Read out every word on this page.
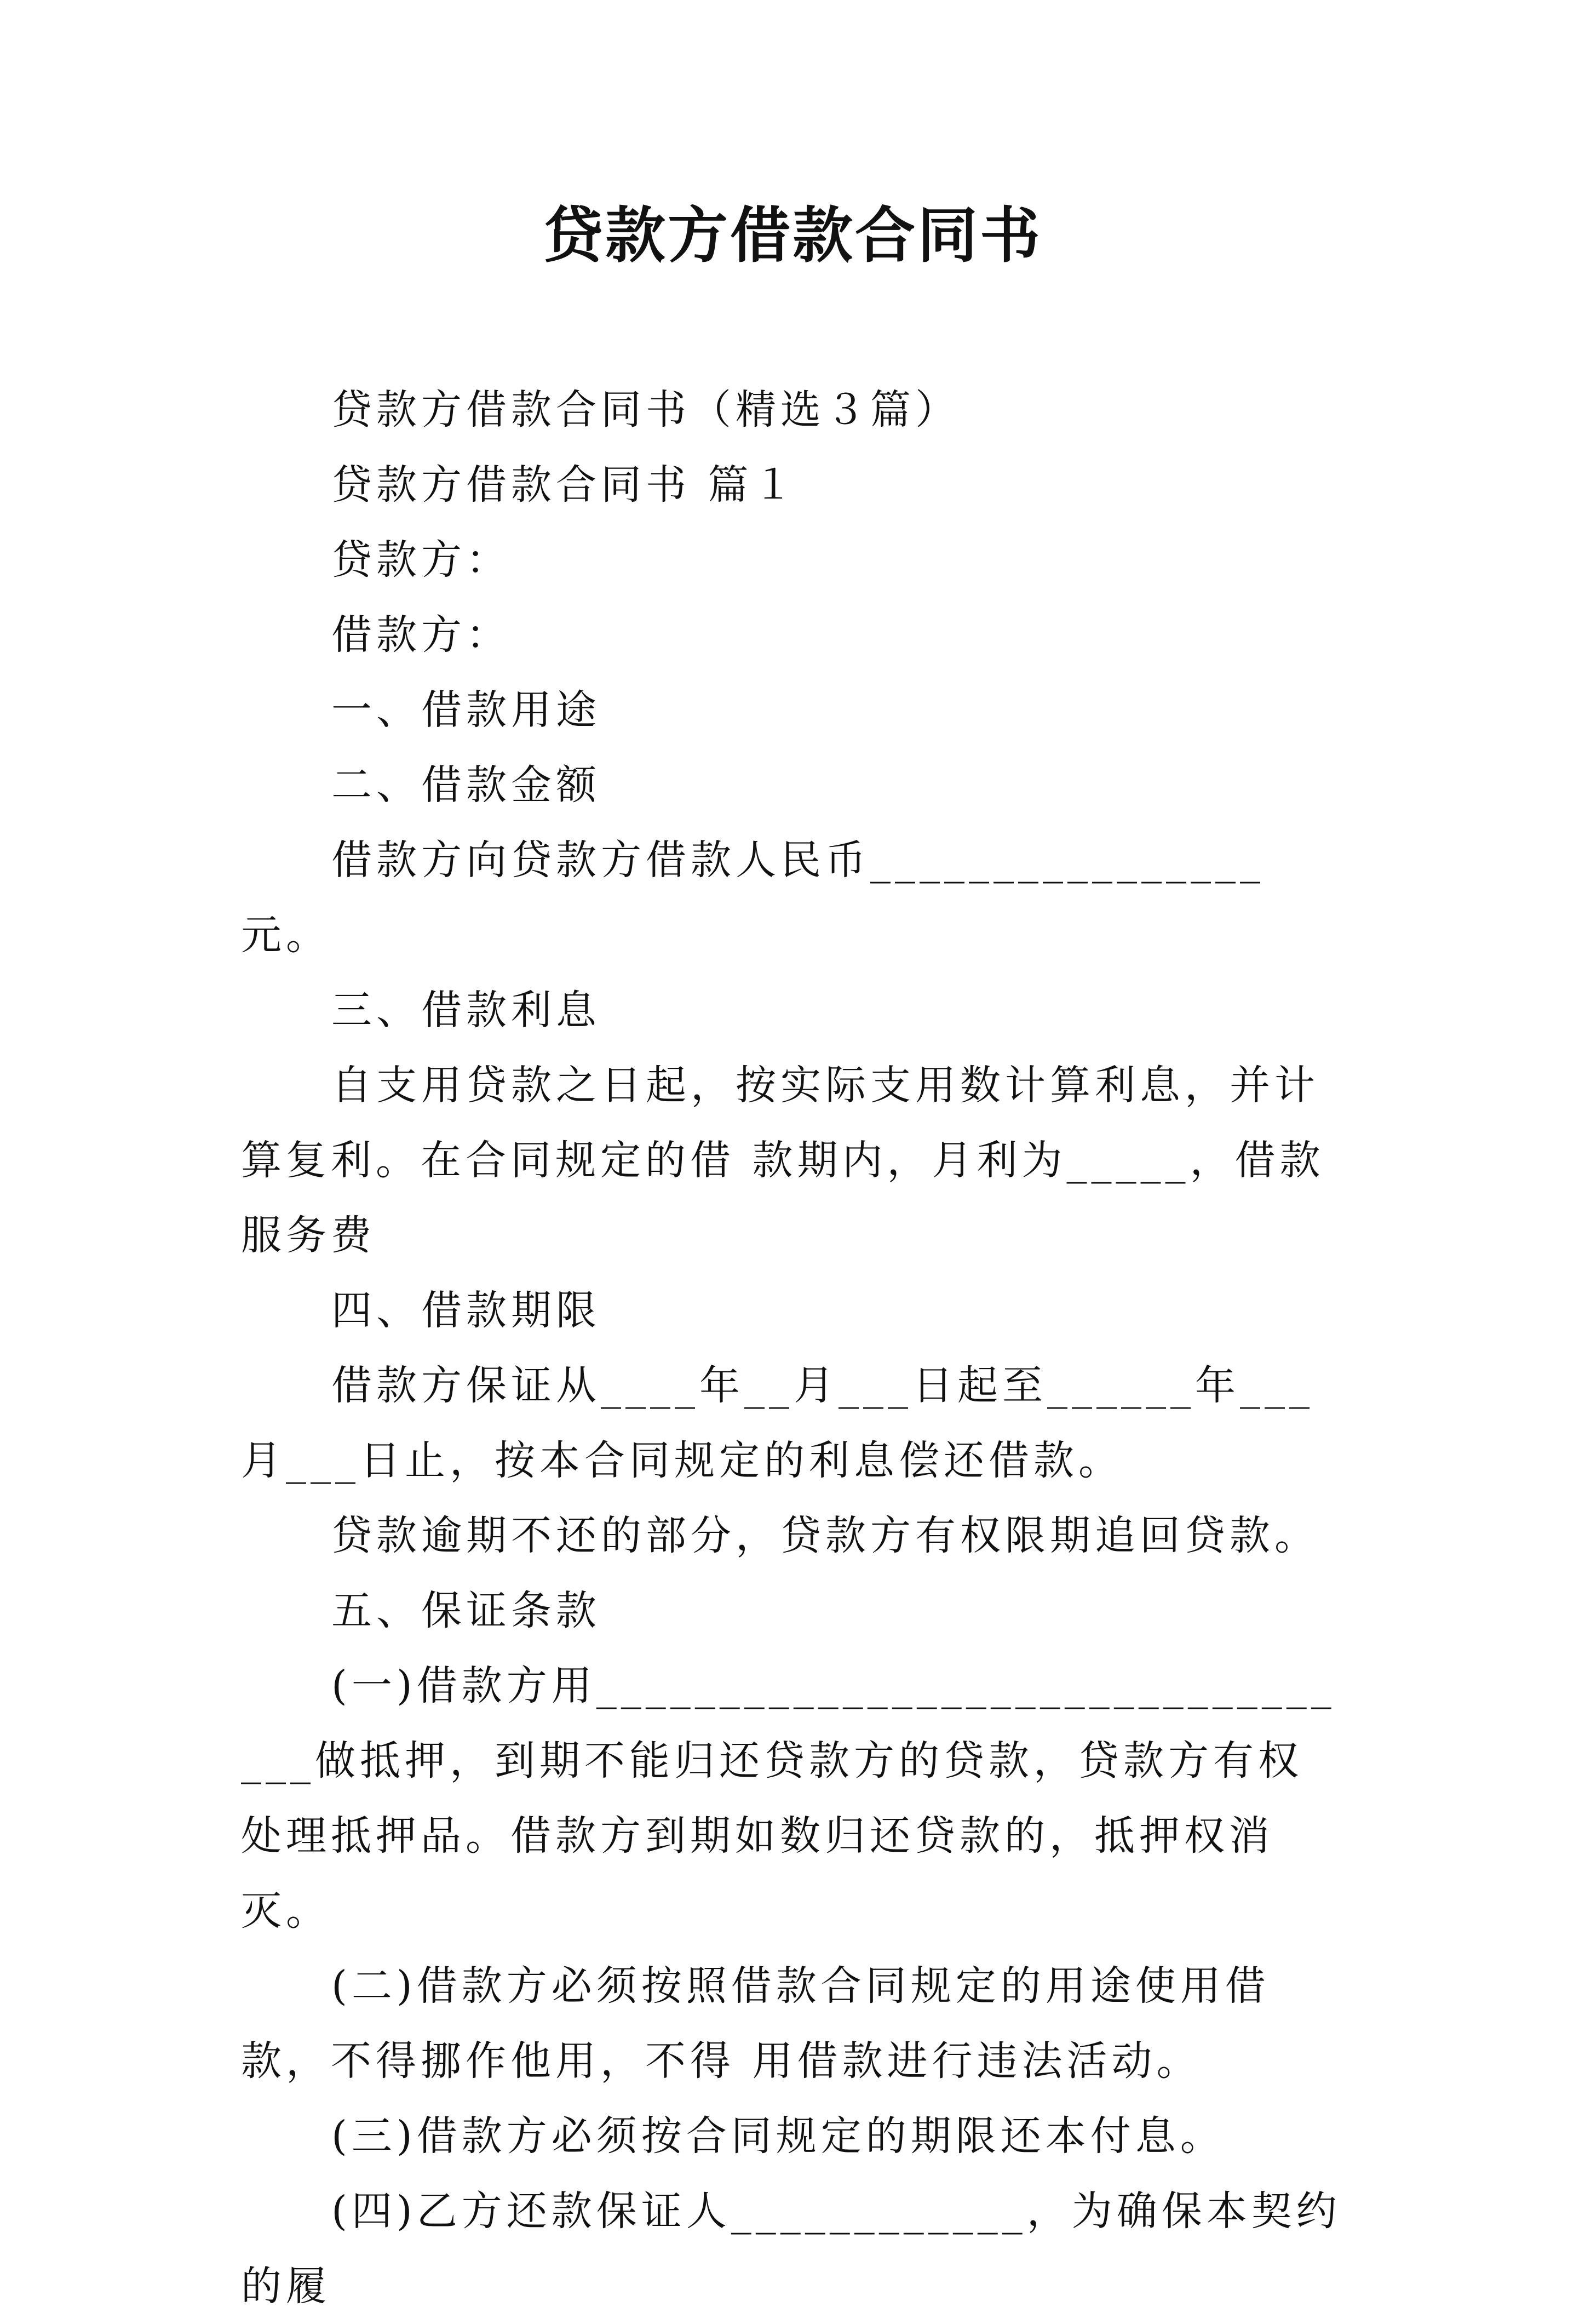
贷款方借款合同书

贷款方借款合同书（精选３篇）

贷款方借款合同书 篇１

贷款方：

借款方：

一、借款用途

二、借款金额

借款方向贷款方借款人民币________________元。

三、借款利息

自支用贷款之日起，按实际支用数计算利息，并计算复利。在合同规定的借 款期内，月利为_____，借款服务费

四、借款期限

借款方保证从____年__月___日起至______年___月___日止，按本合同规定的利息偿还借款。

贷款逾期不还的部分，贷款方有权限期追回贷款。

五、保证条款

(一)借款方用_________________________________做抵押，到期不能归还贷款方的贷款，贷款方有权处理抵押品。借款方到期如数归还贷款的，抵押权消灭。

(二)借款方必须按照借款合同规定的用途使用借款，不得挪作他用，不得 用借款进行违法活动。

(三)借款方必须按合同规定的期限还本付息。

(四)乙方还款保证人____________，为确保本契约的履
